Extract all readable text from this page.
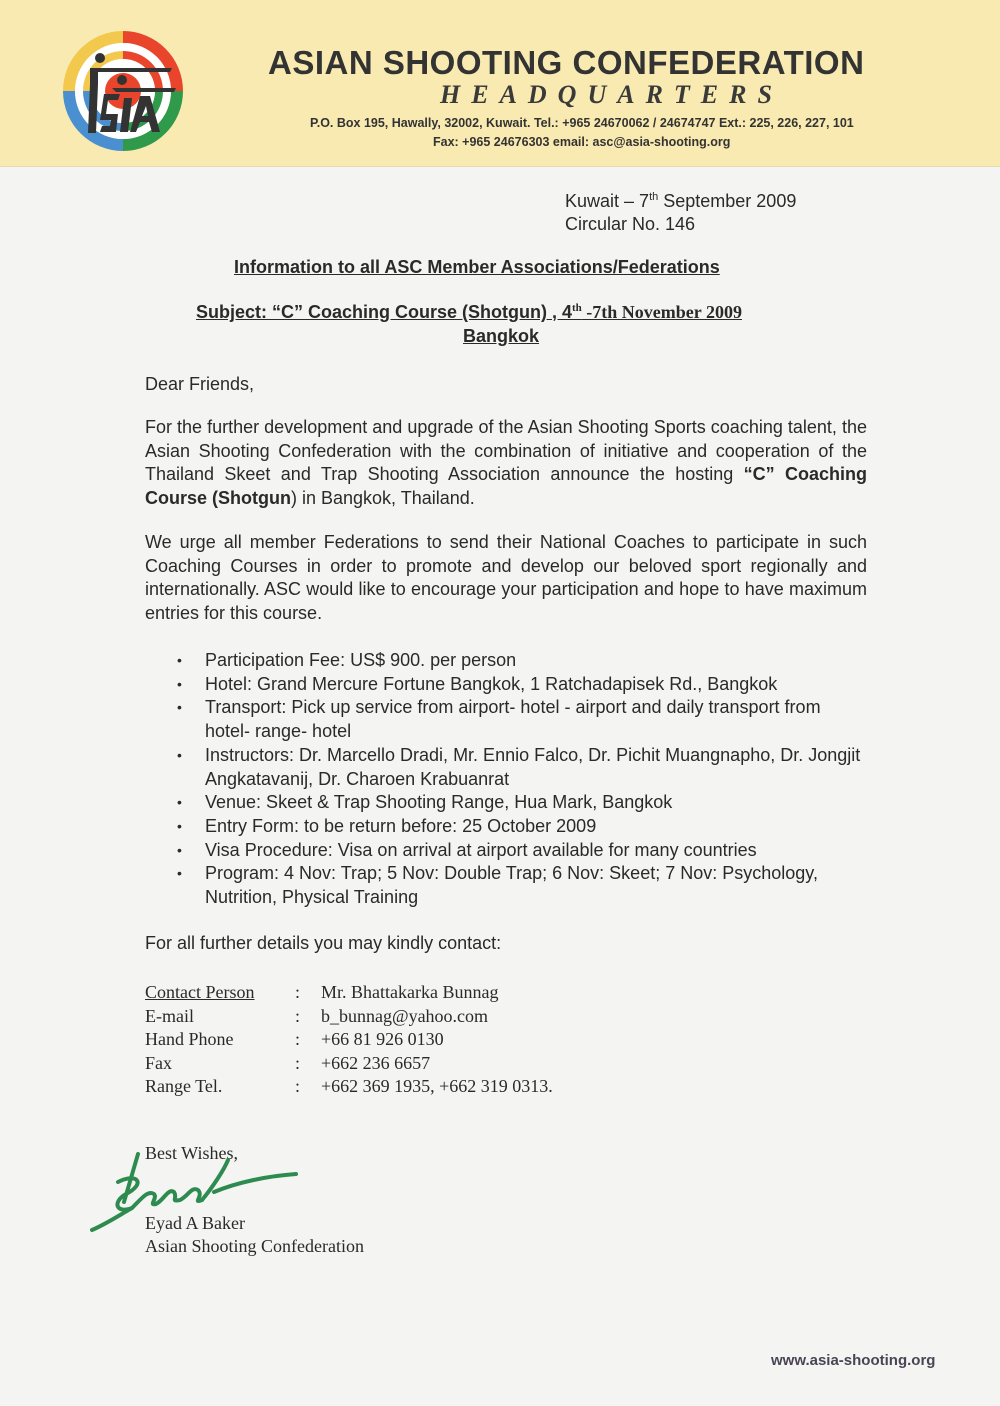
ASIAN SHOOTING CONFEDERATION
HEADQUARTERS
P.O. Box 195, Hawally, 32002, Kuwait. Tel.: +965 24670062 / 24674747 Ext.: 225, 226, 227, 101
Fax: +965 24676303 email: asc@asia-shooting.org
Kuwait – 7th September 2009
Circular No. 146
Information to all ASC Member Associations/Federations
Subject: “C” Coaching Course (Shotgun) , 4th -7th November 2009
Bangkok
Dear Friends,
For the further development and upgrade of the Asian Shooting Sports coaching talent, the Asian Shooting Confederation with the combination of initiative and cooperation of the Thailand Skeet and Trap Shooting Association announce the hosting “C” Coaching Course (Shotgun) in Bangkok, Thailand.
We urge all member Federations to send their National Coaches to participate in such Coaching Courses in order to promote and develop our beloved sport regionally and internationally. ASC would like to encourage your participation and hope to have maximum entries for this course.
• Participation Fee: US$ 900. per person
• Hotel: Grand Mercure Fortune Bangkok, 1 Ratchadapisek Rd., Bangkok
• Transport: Pick up service from airport- hotel - airport and daily transport from hotel- range- hotel
• Instructors: Dr. Marcello Dradi, Mr. Ennio Falco, Dr. Pichit Muangnapho, Dr. Jongjit Angkatavanij, Dr. Charoen Krabuanrat
• Venue: Skeet & Trap Shooting Range, Hua Mark, Bangkok
• Entry Form: to be return before: 25 October 2009
• Visa Procedure: Visa on arrival at airport available for many countries
• Program: 4 Nov: Trap; 5 Nov: Double Trap; 6 Nov: Skeet; 7 Nov: Psychology, Nutrition, Physical Training
For all further details you may kindly contact:
Contact Person	:	Mr. Bhattakarka Bunnag
E-mail	:	b_bunnag@yahoo.com
Hand Phone	:	+66 81 926 0130
Fax	:	+662 236 6657
Range Tel.	:	+662 369 1935, +662 319 0313.
Best Wishes,
Eyad A Baker
Asian Shooting Confederation
www.asia-shooting.org
